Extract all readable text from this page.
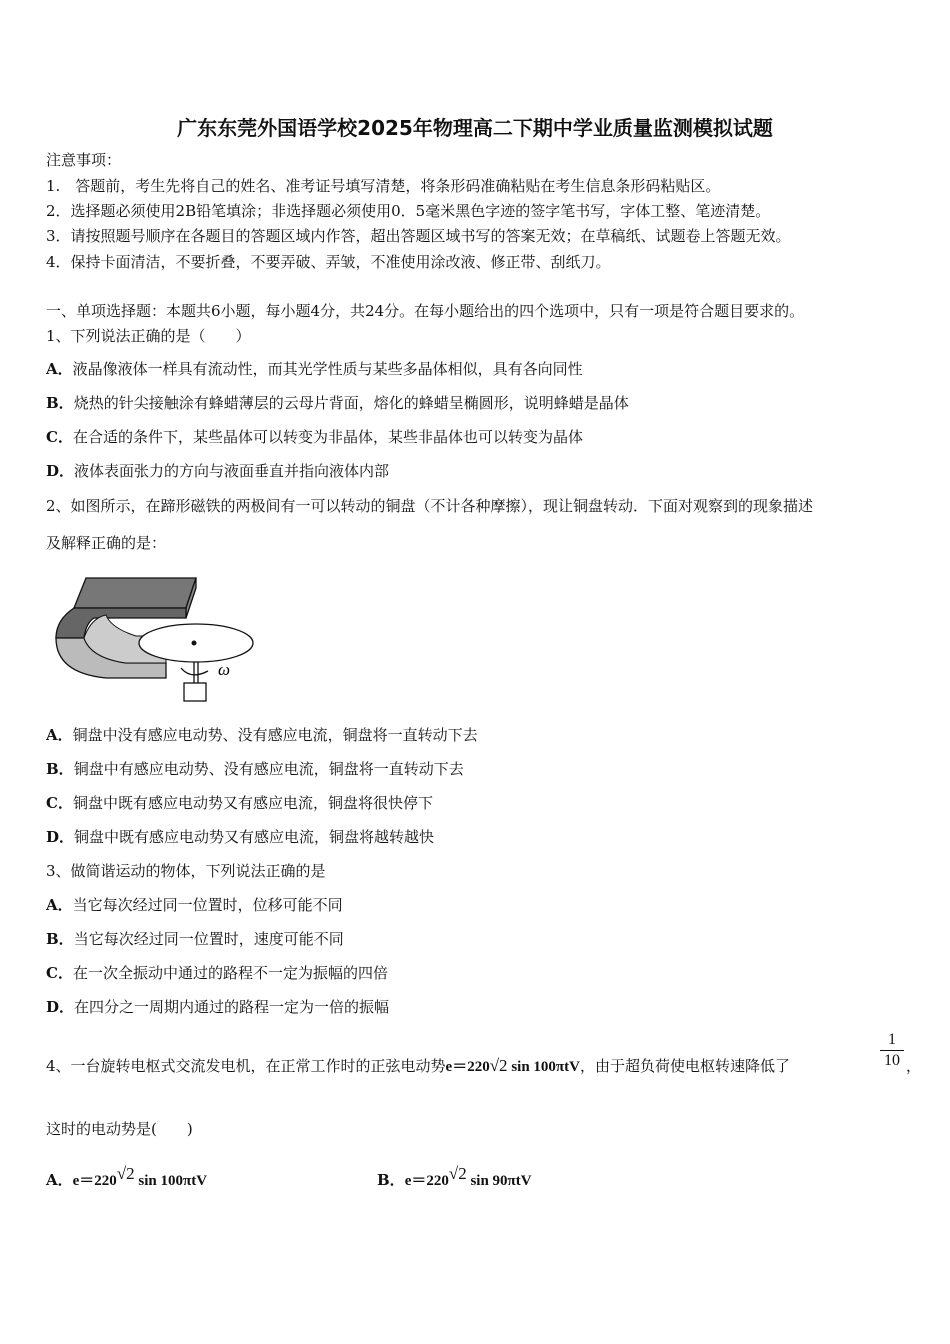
广东东莞外国语学校2025年物理高二下期中学业质量监测模拟试题
注意事项：
1.　答题前，考生先将自己的姓名、准考证号填写清楚，将条形码准确粘贴在考生信息条形码粘贴区。
2．选择题必须使用2B铅笔填涂；非选择题必须使用0．5毫米黑色字迹的签字笔书写，字体工整、笔迹清楚。
3．请按照题号顺序在各题目的答题区域内作答，超出答题区域书写的答案无效；在草稿纸、试题卷上答题无效。
4．保持卡面清洁，不要折叠，不要弄破、弄皱，不准使用涂改液、修正带、刮纸刀。
一、单项选择题：本题共6小题，每小题4分，共24分。在每小题给出的四个选项中，只有一项是符合题目要求的。
1、下列说法正确的是（　　）
A．液晶像液体一样具有流动性，而其光学性质与某些多晶体相似，具有各向同性
B．烧热的针尖接触涂有蜂蜡薄层的云母片背面，熔化的蜂蜡呈椭圆形，说明蜂蜡是晶体
C．在合适的条件下，某些晶体可以转变为非晶体，某些非晶体也可以转变为晶体
D．液体表面张力的方向与液面垂直并指向液体内部
2、如图所示，在蹄形磁铁的两极间有一可以转动的铜盘（不计各种摩擦），现让铜盘转动．下面对观察到的现象描述
及解释正确的是：
ω
A．铜盘中没有感应电动势、没有感应电流，铜盘将一直转动下去
B．铜盘中有感应电动势、没有感应电流，铜盘将一直转动下去
C．铜盘中既有感应电动势又有感应电流，铜盘将很快停下
D．铜盘中既有感应电动势又有感应电流，铜盘将越转越快
3、做简谐运动的物体，下列说法正确的是
A．当它每次经过同一位置时，位移可能不同
B．当它每次经过同一位置时，速度可能不同
C．在一次全振动中通过的路程不一定为振幅的四倍
D．在四分之一周期内通过的路程一定为一倍的振幅
4、一台旋转电枢式交流发电机，在正常工作时的正弦电动势e＝220√2 sin 100πtV，由于超负荷使电枢转速降低了	$\frac{1}{10}$ ，
这时的电动势是(　　)
A．$e=220^{√2}$ sin 100πtV	B．$e=220^{√2}$ sin 90πtV
